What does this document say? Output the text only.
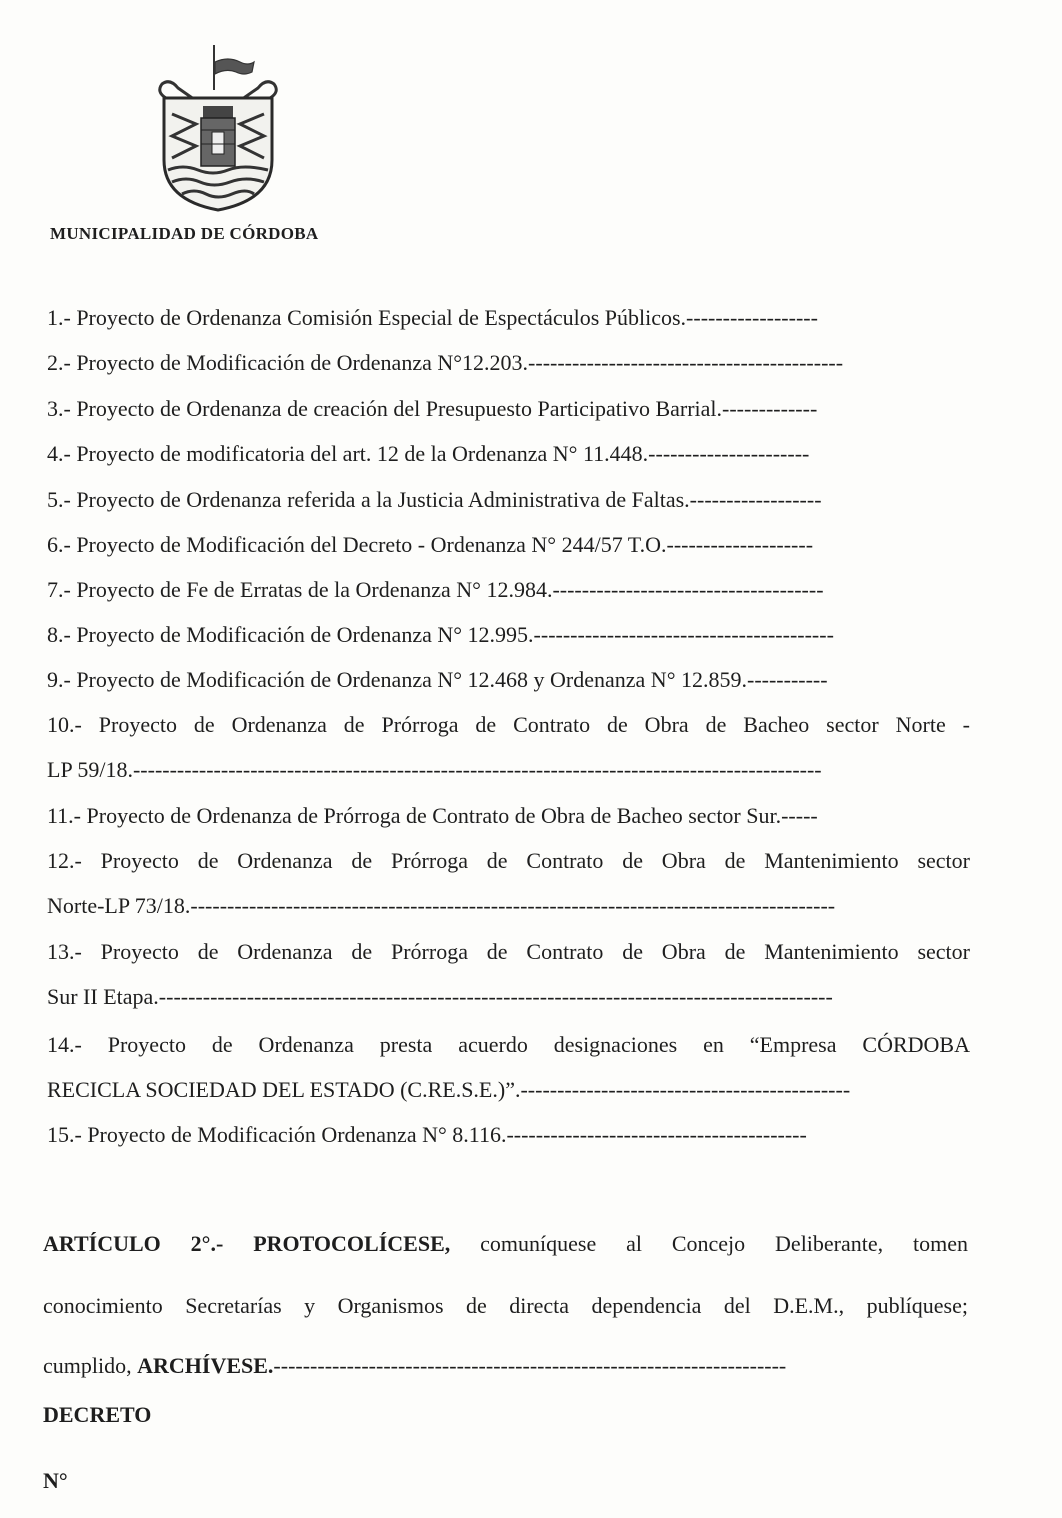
MUNICIPALIDAD DE CÓRDOBA
1.- Proyecto de Ordenanza Comisión Especial de Espectáculos Públicos.------------------
2.- Proyecto de Modificación de Ordenanza N°12.203.-------------------------------------------
3.- Proyecto de Ordenanza de creación del Presupuesto Participativo Barrial.-------------
4.- Proyecto de modificatoria del art. 12 de la Ordenanza N° 11.448.----------------------
5.- Proyecto de Ordenanza referida a la Justicia Administrativa de Faltas.------------------
6.- Proyecto de Modificación del Decreto - Ordenanza N° 244/57 T.O.--------------------
7.- Proyecto de Fe de Erratas de la Ordenanza N° 12.984.-------------------------------------
8.- Proyecto de Modificación de Ordenanza N° 12.995.-----------------------------------------
9.- Proyecto de Modificación de Ordenanza N° 12.468 y Ordenanza N° 12.859.-----------
10.- Proyecto de Ordenanza de Prórroga de Contrato de Obra de Bacheo sector Norte -
LP 59/18.----------------------------------------------------------------------------------------------
11.- Proyecto de Ordenanza de Prórroga de Contrato de Obra de Bacheo sector Sur.-----
12.- Proyecto de Ordenanza de Prórroga de Contrato de Obra de Mantenimiento sector
Norte-LP 73/18.----------------------------------------------------------------------------------------
13.- Proyecto de Ordenanza de Prórroga de Contrato de Obra de Mantenimiento sector
Sur II Etapa.--------------------------------------------------------------------------------------------
14.- Proyecto de Ordenanza presta acuerdo designaciones en “Empresa CÓRDOBA
RECICLA SOCIEDAD DEL ESTADO (C.RE.S.E.)”.---------------------------------------------
15.- Proyecto de Modificación Ordenanza N° 8.116.-----------------------------------------
ARTÍCULO 2°.- PROTOCOLÍCESE, comuníquese al Concejo Deliberante, tomen
conocimiento Secretarías y Organismos de directa dependencia del D.E.M., publíquese;
cumplido, ARCHÍVESE.----------------------------------------------------------------------
DECRETO
N°
